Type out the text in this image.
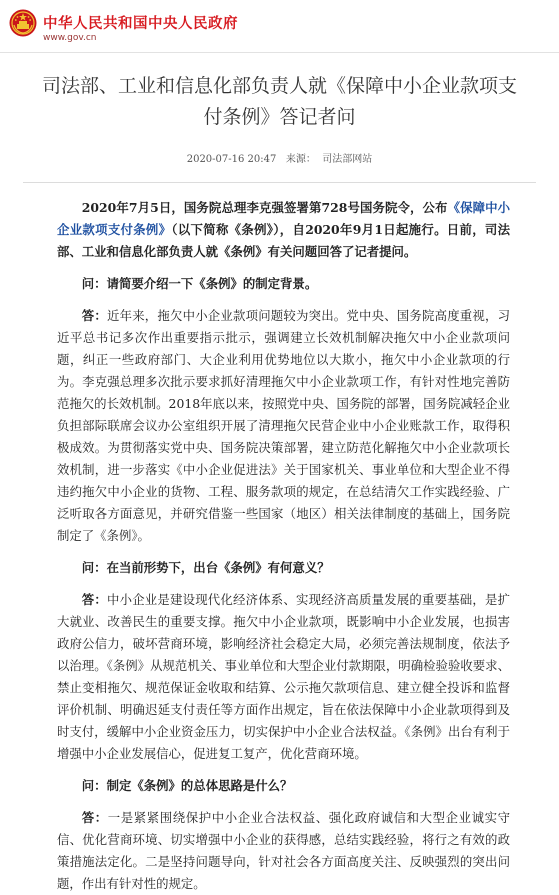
中华人民共和国中央人民政府
www.gov.cn
司法部、工业和信息化部负责人就《保障中小企业款项支付条例》答记者问
2020-07-16 20:47 来源： 司法部网站

2020年7月5日，国务院总理李克强签署第728号国务院令，公布《保障中小企业款项支付条例》（以下简称《条例》），自2020年9月1日起施行。日前，司法部、工业和信息化部负责人就《条例》有关问题回答了记者提问。

问：请简要介绍一下《条例》的制定背景。

答：近年来，拖欠中小企业款项问题较为突出。党中央、国务院高度重视，习近平总书记多次作出重要指示批示，强调建立长效机制解决拖欠中小企业款项问题，纠正一些政府部门、大企业利用优势地位以大欺小，拖欠中小企业款项的行为。李克强总理多次批示要求抓好清理拖欠中小企业款项工作，有针对性地完善防范拖欠的长效机制。2018年底以来，按照党中央、国务院的部署，国务院减轻企业负担部际联席会议办公室组织开展了清理拖欠民营企业中小企业账款工作，取得积极成效。为贯彻落实党中央、国务院决策部署，建立防范化解拖欠中小企业款项长效机制，进一步落实《中小企业促进法》关于国家机关、事业单位和大型企业不得违约拖欠中小企业的货物、工程、服务款项的规定，在总结清欠工作实践经验、广泛听取各方面意见，并研究借鉴一些国家（地区）相关法律制度的基础上，国务院制定了《条例》。

问：在当前形势下，出台《条例》有何意义？

答：中小企业是建设现代化经济体系、实现经济高质量发展的重要基础，是扩大就业、改善民生的重要支撑。拖欠中小企业款项，既影响中小企业发展，也损害政府公信力，破坏营商环境，影响经济社会稳定大局，必须完善法规制度，依法予以治理。《条例》从规范机关、事业单位和大型企业付款期限，明确检验验收要求、禁止变相拖欠、规范保证金收取和结算、公示拖欠款项信息、建立健全投诉和监督评价机制、明确迟延支付责任等方面作出规定，旨在依法保障中小企业款项得到及时支付，缓解中小企业资金压力，切实保护中小企业合法权益。《条例》出台有利于增强中小企业发展信心，促进复工复产，优化营商环境。

问：制定《条例》的总体思路是什么？

答：一是紧紧围绕保护中小企业合法权益、强化政府诚信和大型企业诚实守信、优化营商环境、切实增强中小企业的获得感，总结实践经验，将行之有效的政策措施法定化。二是坚持问题导向，针对社会各方面高度关注、反映强烈的突出问题，作出有针对性的规定。
